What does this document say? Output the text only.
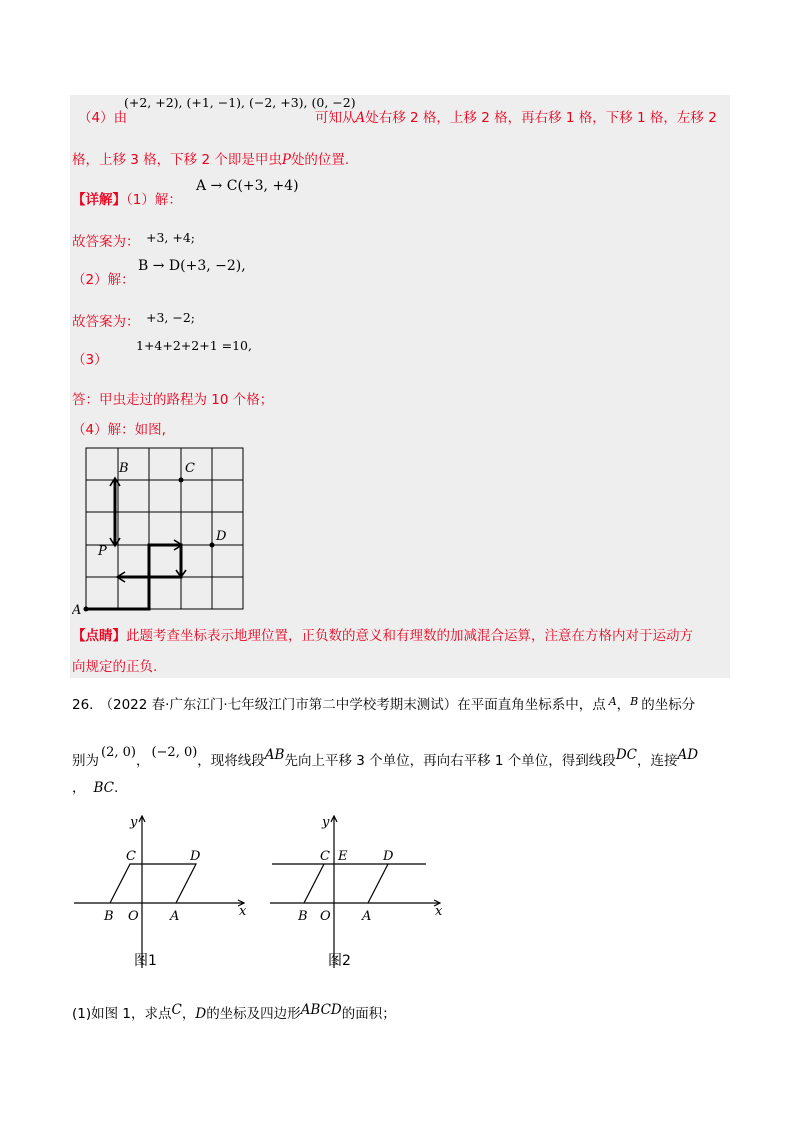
（4）由
(+2, +2), (+1, −1), (−2, +3), (0, −2)
可知从A处右移 2 格，上移 2 格，再右移 1 格，下移 1 格，左移 2
格，上移 3 格，下移 2 个即是甲虫P处的位置.
【详解】（1）解：
A → C(+3, +4)
故答案为： +3, +4;
（2）解：
B → D(+3, −2),
故答案为： +3, −2;
（3）
1+4+2+2+1 =10,
答：甲虫走过的路程为 10 个格；
（4）解：如图,
B	C
D
P
A
【点睛】此题考查坐标表示地理位置，正负数的意义和有理数的加减混合运算，注意在方格内对于运动方
向规定的正负.
26. （2022 春·广东江门·七年级江门市第二中学校考期末测试）在平面直角坐标系中，点 $^A$，$^B$ 的坐标分
别为(2, 0)，(−2, 0)，现将线段AB先向上平移 3 个单位，再向右平移 1 个单位，得到线段DC，连接AD
， BC.
y
x
C	D
B O A
图1
y
x
C E	D
B O A
图2
(1)如图 1，求点C，D的坐标及四边形ABCD的面积；
